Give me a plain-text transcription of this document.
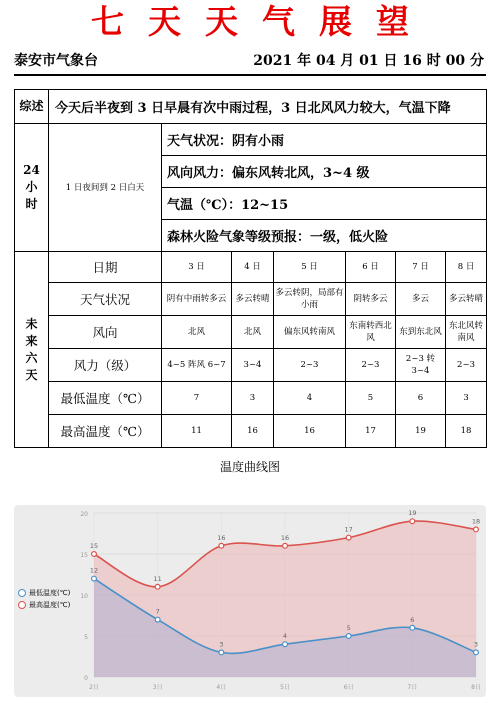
七天天气展望
泰安市气象台	2021 年 04 月 01 日 16 时 00 分
综述	今天后半夜到 3 日早晨有次中雨过程，3 日北风风力较大，气温下降						
24
小
时	1 日夜间到 2 日白天	天气状况：阴有小雨					
		风向风力：偏东风转北风，3~4 级					
		气温（℃）：12~15					
		森林火险气象等级预报：一级，低火险					
未
来
六
天	日期	3 日	4 日	5 日	6 日	7 日	8 日
	天气状况	阴有中雨转多云	多云转晴	多云转阴，局部有小雨	阴转多云	多云	多云转晴
	风向	北风	北风	偏东风转南风	东南转西北风	东到东北风	东北风转南风
	风力（级）	4~5 阵风 6~7	3~4	2~3	2~3	2~3 转 3~4	2~3
	最低温度（℃）	7	3	4	5	6	3
	最高温度（℃）	11	16	16	17	19	18
温度曲线图
0
5
10
15
20
2日	3日	4日	5日	6日	7日	8日
12
7
3
4
5
6
3
15
11
16	16
17
19
18
最低温度(℃)
最高温度(℃)
